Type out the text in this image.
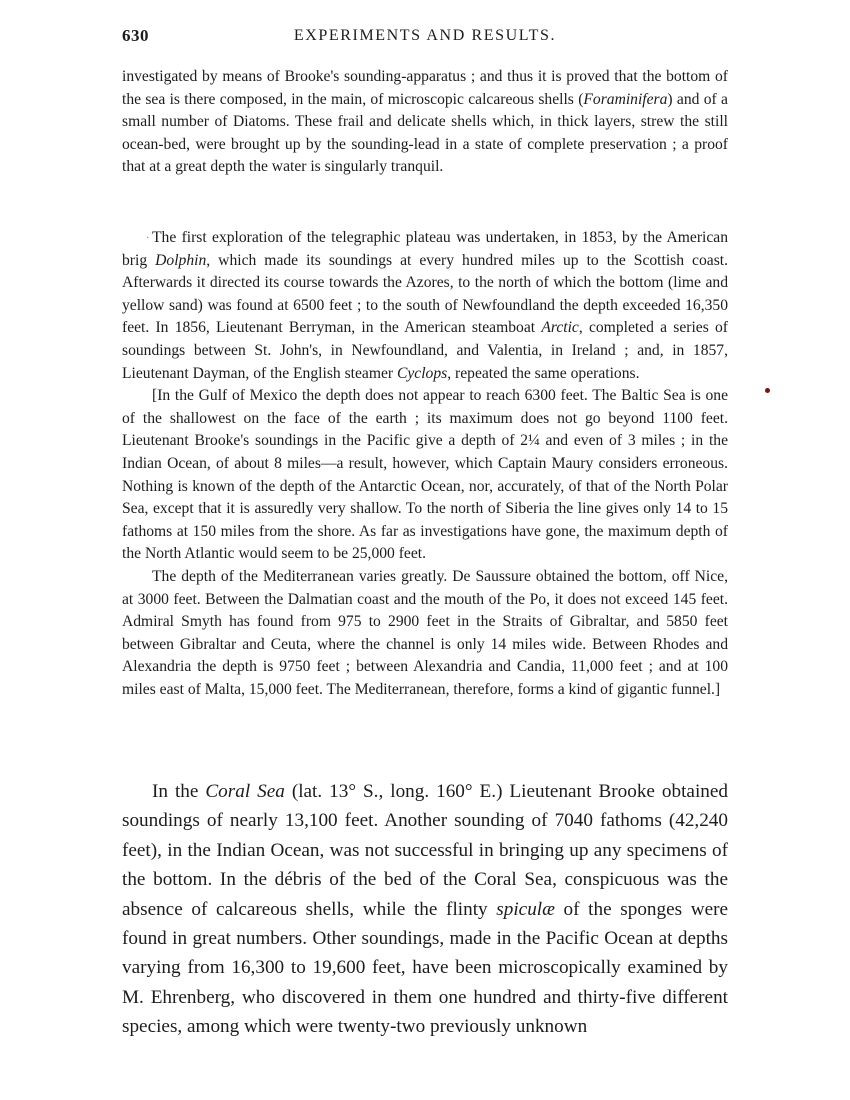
630	EXPERIMENTS AND RESULTS.

investigated by means of Brooke's sounding-apparatus ; and thus it is proved that the bottom of the sea is there composed, in the main, of microscopic calcareous shells (Foraminifera) and of a small number of Diatoms. These frail and delicate shells which, in thick layers, strew the still ocean-bed, were brought up by the sounding-lead in a state of complete preservation ; a proof that at a great depth the water is singularly tranquil.

· The first exploration of the telegraphic plateau was undertaken, in 1853, by the American brig Dolphin, which made its soundings at every hundred miles up to the Scottish coast. Afterwards it directed its course towards the Azores, to the north of which the bottom (lime and yellow sand) was found at 6500 feet ; to the south of Newfoundland the depth exceeded 16,350 feet. In 1856, Lieutenant Berryman, in the American steamboat Arctic, completed a series of soundings between St. John's, in Newfoundland, and Valentia, in Ireland ; and, in 1857, Lieutenant Dayman, of the English steamer Cyclops, repeated the same operations.

[In the Gulf of Mexico the depth does not appear to reach 6300 feet. The Baltic Sea is one of the shallowest on the face of the earth ; its maximum does not go beyond 1100 feet. Lieutenant Brooke's soundings in the Pacific give a depth of 2¼ and even of 3 miles ; in the Indian Ocean, of about 8 miles—a result, however, which Captain Maury considers erroneous. Nothing is known of the depth of the Antarctic Ocean, nor, accurately, of that of the North Polar Sea, except that it is assuredly very shallow. To the north of Siberia the line gives only 14 to 15 fathoms at 150 miles from the shore. As far as investigations have gone, the maximum depth of the North Atlantic would seem to be 25,000 feet.

The depth of the Mediterranean varies greatly. De Saussure obtained the bottom, off Nice, at 3000 feet. Between the Dalmatian coast and the mouth of the Po, it does not exceed 145 feet. Admiral Smyth has found from 975 to 2900 feet in the Straits of Gibraltar, and 5850 feet between Gibraltar and Ceuta, where the channel is only 14 miles wide. Between Rhodes and Alexandria the depth is 9750 feet ; between Alexandria and Candia, 11,000 feet ; and at 100 miles east of Malta, 15,000 feet. The Mediterranean, therefore, forms a kind of gigantic funnel.]

In the Coral Sea (lat. 13° S., long. 160° E.) Lieutenant Brooke obtained soundings of nearly 13,100 feet. Another sounding of 7040 fathoms (42,240 feet), in the Indian Ocean, was not successful in bringing up any specimens of the bottom. In the débris of the bed of the Coral Sea, conspicuous was the absence of calcareous shells, while the flinty spiculæ of the sponges were found in great numbers. Other soundings, made in the Pacific Ocean at depths varying from 16,300 to 19,600 feet, have been microscopically examined by M. Ehrenberg, who discovered in them one hundred and thirty-five different species, among which were twenty-two previously unknown
